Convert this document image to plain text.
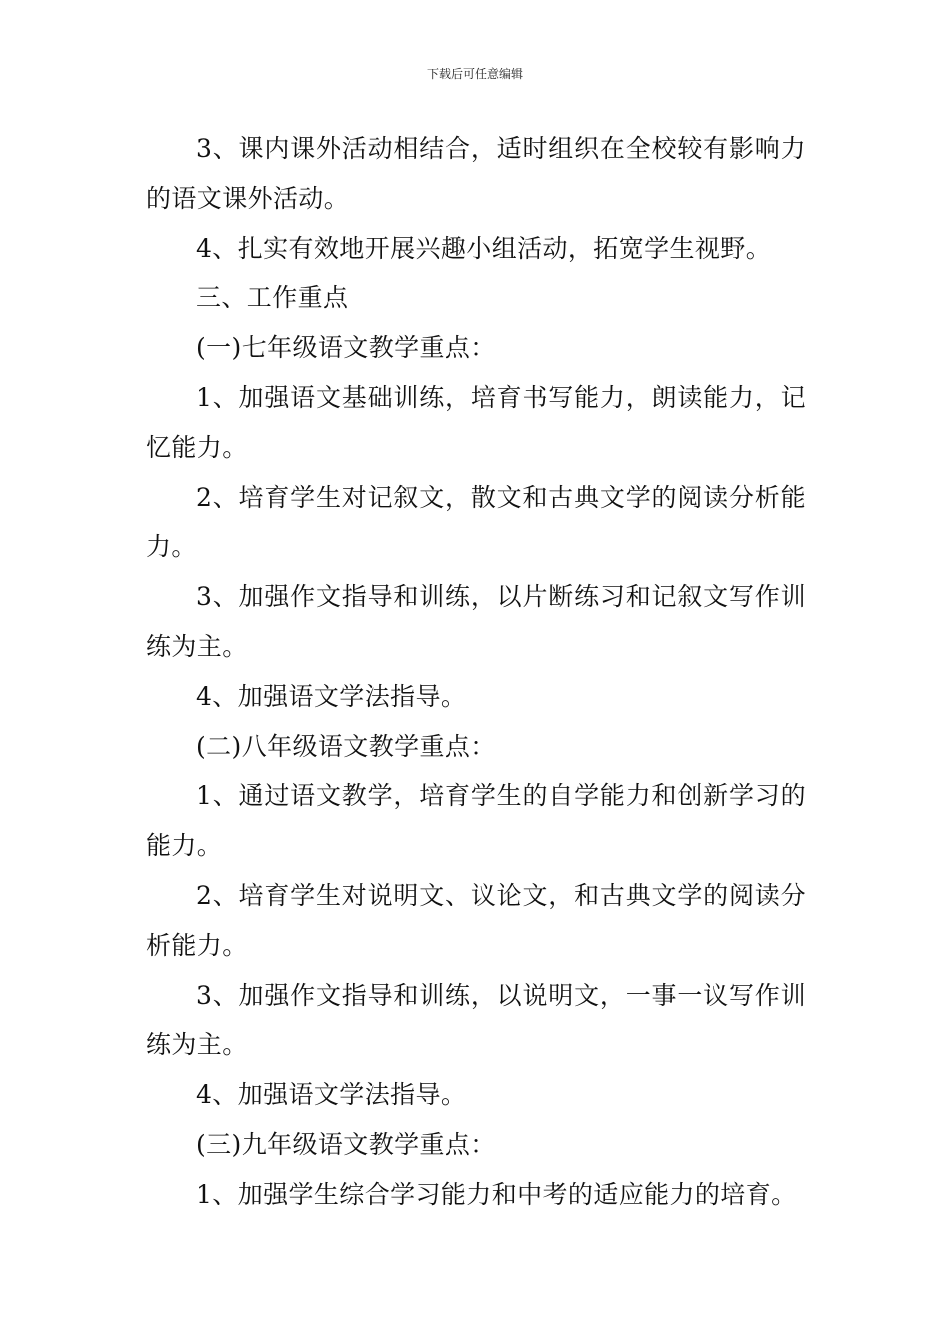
下载后可任意编辑

3、课内课外活动相结合，适时组织在全校较有影响力的语文课外活动。

4、扎实有效地开展兴趣小组活动，拓宽学生视野。

三、工作重点

(一)七年级语文教学重点：

1、加强语文基础训练，培育书写能力，朗读能力，记忆能力。

2、培育学生对记叙文，散文和古典文学的阅读分析能力。

3、加强作文指导和训练，以片断练习和记叙文写作训练为主。

4、加强语文学法指导。

(二)八年级语文教学重点：

1、通过语文教学，培育学生的自学能力和创新学习的能力。

2、培育学生对说明文、议论文，和古典文学的阅读分析能力。

3、加强作文指导和训练，以说明文，一事一议写作训练为主。

4、加强语文学法指导。

(三)九年级语文教学重点：

1、加强学生综合学习能力和中考的适应能力的培育。
